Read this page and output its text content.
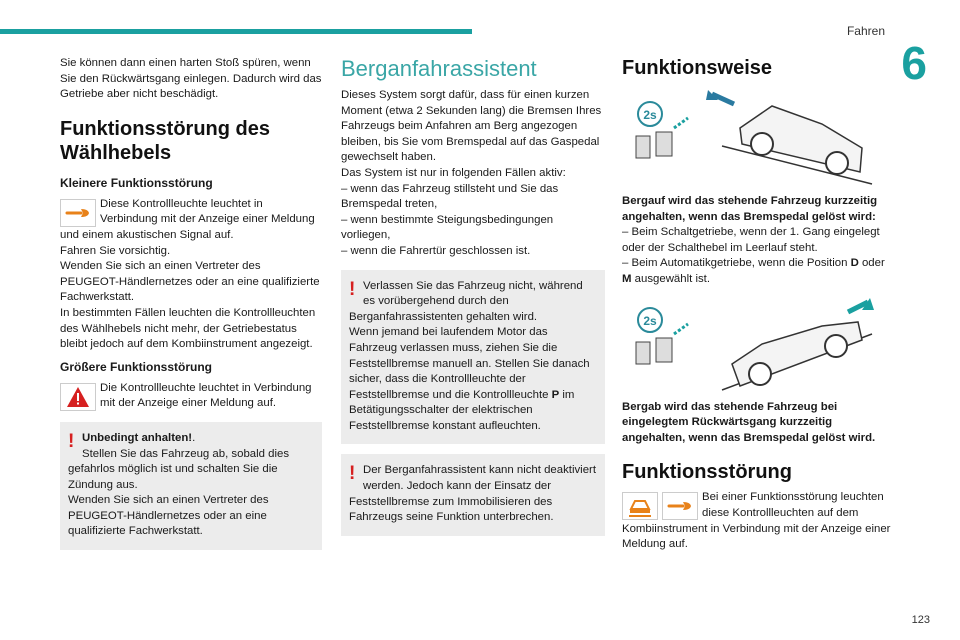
Fahren
6

Sie können dann einen harten Stoß spüren, wenn Sie den Rückwärtsgang einlegen. Dadurch wird das Getriebe aber nicht beschädigt.

Funktionsstörung des Wählhebels
Kleinere Funktionsstörung

Diese Kontrollleuchte leuchtet in Verbindung mit der Anzeige einer Meldung und einem akustischen Signal auf.

Fahren Sie vorsichtig.

Wenden Sie sich an einen Vertreter des PEUGEOT-Händlernetzes oder an eine qualifizierte Fachwerkstatt.

In bestimmten Fällen leuchten die Kontrollleuchten des Wählhebels nicht mehr, der Getriebestatus bleibt jedoch auf dem Kombiinstrument angezeigt.

Größere Funktionsstörung

Die Kontrollleuchte leuchtet in Verbindung mit der Anzeige einer Meldung auf.

! Unbedingt anhalten!.

Stellen Sie das Fahrzeug ab, sobald dies gefahrlos möglich ist und schalten Sie die Zündung aus.

Wenden Sie sich an einen Vertreter des PEUGEOT-Händlernetzes oder an eine qualifizierte Fachwerkstatt.

Berganfahrassistent

Dieses System sorgt dafür, dass für einen kurzen Moment (etwa 2 Sekunden lang) die Bremsen Ihres Fahrzeugs beim Anfahren am Berg angezogen bleiben, bis Sie vom Bremspedal auf das Gaspedal gewechselt haben.

Das System ist nur in folgenden Fällen aktiv:

– wenn das Fahrzeug stillsteht und Sie das Bremspedal treten,

– wenn bestimmte Steigungsbedingungen vorliegen,

– wenn die Fahrertür geschlossen ist.

! Verlassen Sie das Fahrzeug nicht, während es vorübergehend durch den Berganfahrassistenten gehalten wird.

Wenn jemand bei laufendem Motor das Fahrzeug verlassen muss, ziehen Sie die Feststellbremse manuell an. Stellen Sie danach sicher, dass die Kontrollleuchte der Feststellbremse und die Kontrollleuchte P im Betätigungsschalter der elektrischen Feststellbremse konstant aufleuchten.

! Der Berganfahrassistent kann nicht deaktiviert werden. Jedoch kann der Einsatz der Feststellbremse zum Immobilisieren des Fahrzeugs seine Funktion unterbrechen.

Funktionsweise
2s

Bergauf wird das stehende Fahrzeug kurzzeitig angehalten, wenn das Bremspedal gelöst wird:

– Beim Schaltgetriebe, wenn der 1. Gang eingelegt oder der Schalthebel im Leerlauf steht.

– Beim Automatikgetriebe, wenn die Position D oder M ausgewählt ist.

2s

Bergab wird das stehende Fahrzeug bei eingelegtem Rückwärtsgang kurzzeitig angehalten, wenn das Bremspedal gelöst wird.

Funktionsstörung

Bei einer Funktionsstörung leuchten diese Kontrollleuchten auf dem Kombiinstrument in Verbindung mit der Anzeige einer Meldung auf.

123
